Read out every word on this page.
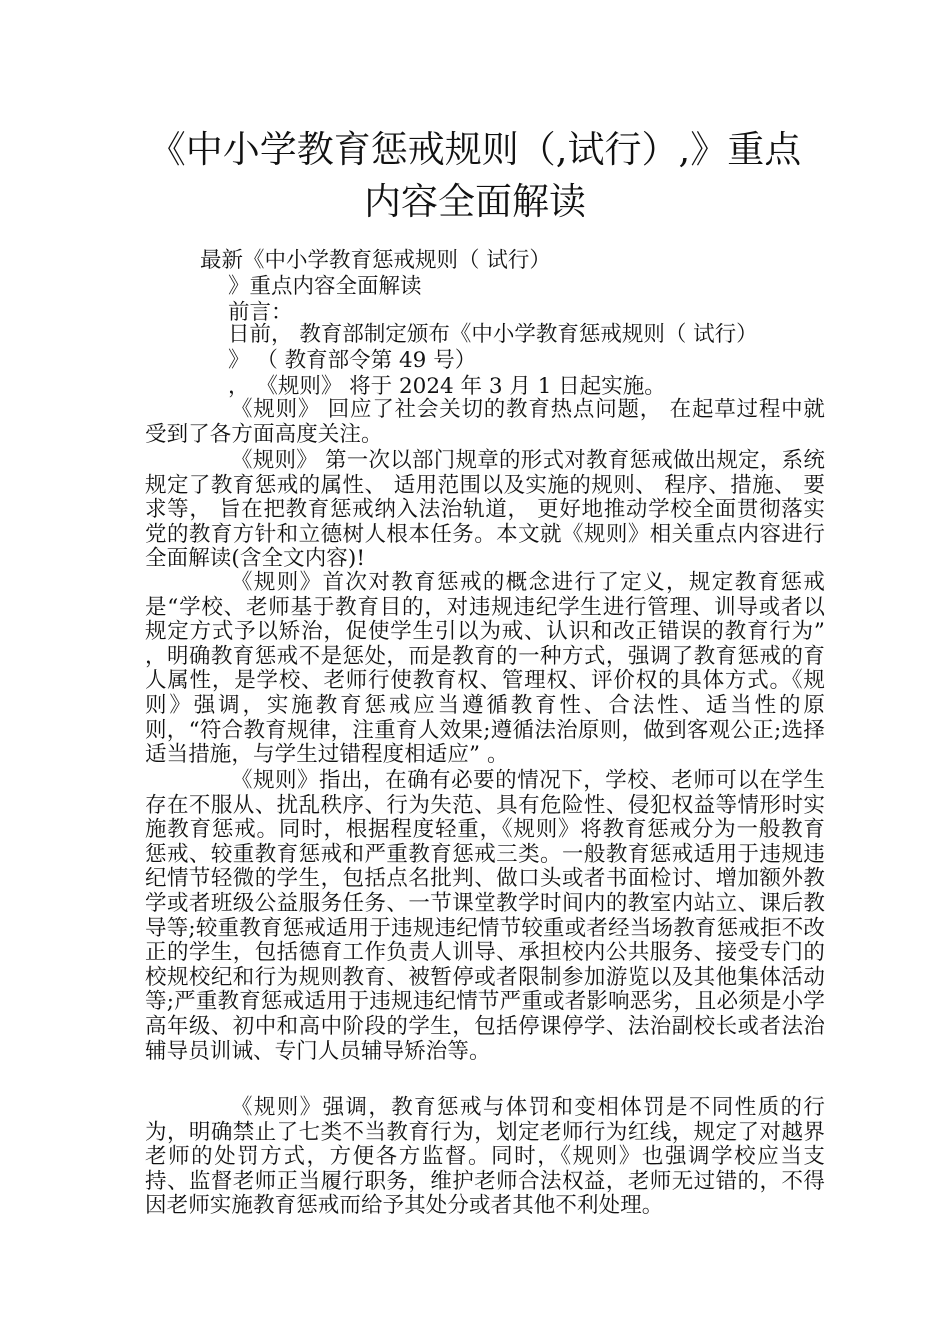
《中小学教育惩戒规则（,试行）,》重点
内容全面解读
最新《中小学教育惩戒规则（ 试行）
》重点内容全面解读
前言：
日前， 教育部制定颁布《中小学教育惩戒规则（ 试行）
》 （ 教育部令第 49 号）
， 《规则》 将于 2024 年 3 月 1 日起实施。

《规则》 回应了社会关切的教育热点问题， 在起草过程中就受到了各方面高度关注。

《规则》 第一次以部门规章的形式对教育惩戒做出规定，系统规定了教育惩戒的属性、 适用范围以及实施的规则、 程序、措施、 要求等， 旨在把教育惩戒纳入法治轨道， 更好地推动学校全面贯彻落实党的教育方针和立德树人根本任务。本文就《规则》相关重点内容进行全面解读(含全文内容)!

《规则》首次对教育惩戒的概念进行了定义，规定教育惩戒是“学校、老师基于教育目的，对违规违纪学生进行管理、训导或者以规定方式予以矫治，促使学生引以为戒、认识和改正错误的教育行为” ，明确教育惩戒不是惩处，而是教育的一种方式，强调了教育惩戒的育人属性，是学校、老师行使教育权、管理权、评价权的具体方式。《规则》强调，实施教育惩戒应当遵循教育性、合法性、适当性的原则，“符合教育规律，注重育人效果;遵循法治原则，做到客观公正;选择适当措施，与学生过错程度相适应” 。

《规则》指出，在确有必要的情况下，学校、老师可以在学生存在不服从、扰乱秩序、行为失范、具有危险性、侵犯权益等情形时实施教育惩戒。同时，根据程度轻重，《规则》将教育惩戒分为一般教育惩戒、较重教育惩戒和严重教育惩戒三类。一般教育惩戒适用于违规违纪情节轻微的学生，包括点名批判、做口头或者书面检讨、增加额外教学或者班级公益服务任务、一节课堂教学时间内的教室内站立、课后教导等;较重教育惩戒适用于违规违纪情节较重或者经当场教育惩戒拒不改正的学生，包括德育工作负责人训导、承担校内公共服务、接受专门的校规校纪和行为规则教育、被暂停或者限制参加游览以及其他集体活动等;严重教育惩戒适用于违规违纪情节严重或者影响恶劣，且必须是小学高年级、初中和高中阶段的学生，包括停课停学、法治副校长或者法治辅导员训诫、专门人员辅导矫治等。

《规则》强调，教育惩戒与体罚和变相体罚是不同性质的行为，明确禁止了七类不当教育行为，划定老师行为红线，规定了对越界老师的处罚方式，方便各方监督。同时，《规则》也强调学校应当支持、监督老师正当履行职务，维护老师合法权益，老师无过错的，不得因老师实施教育惩戒而给予其处分或者其他不利处理。
